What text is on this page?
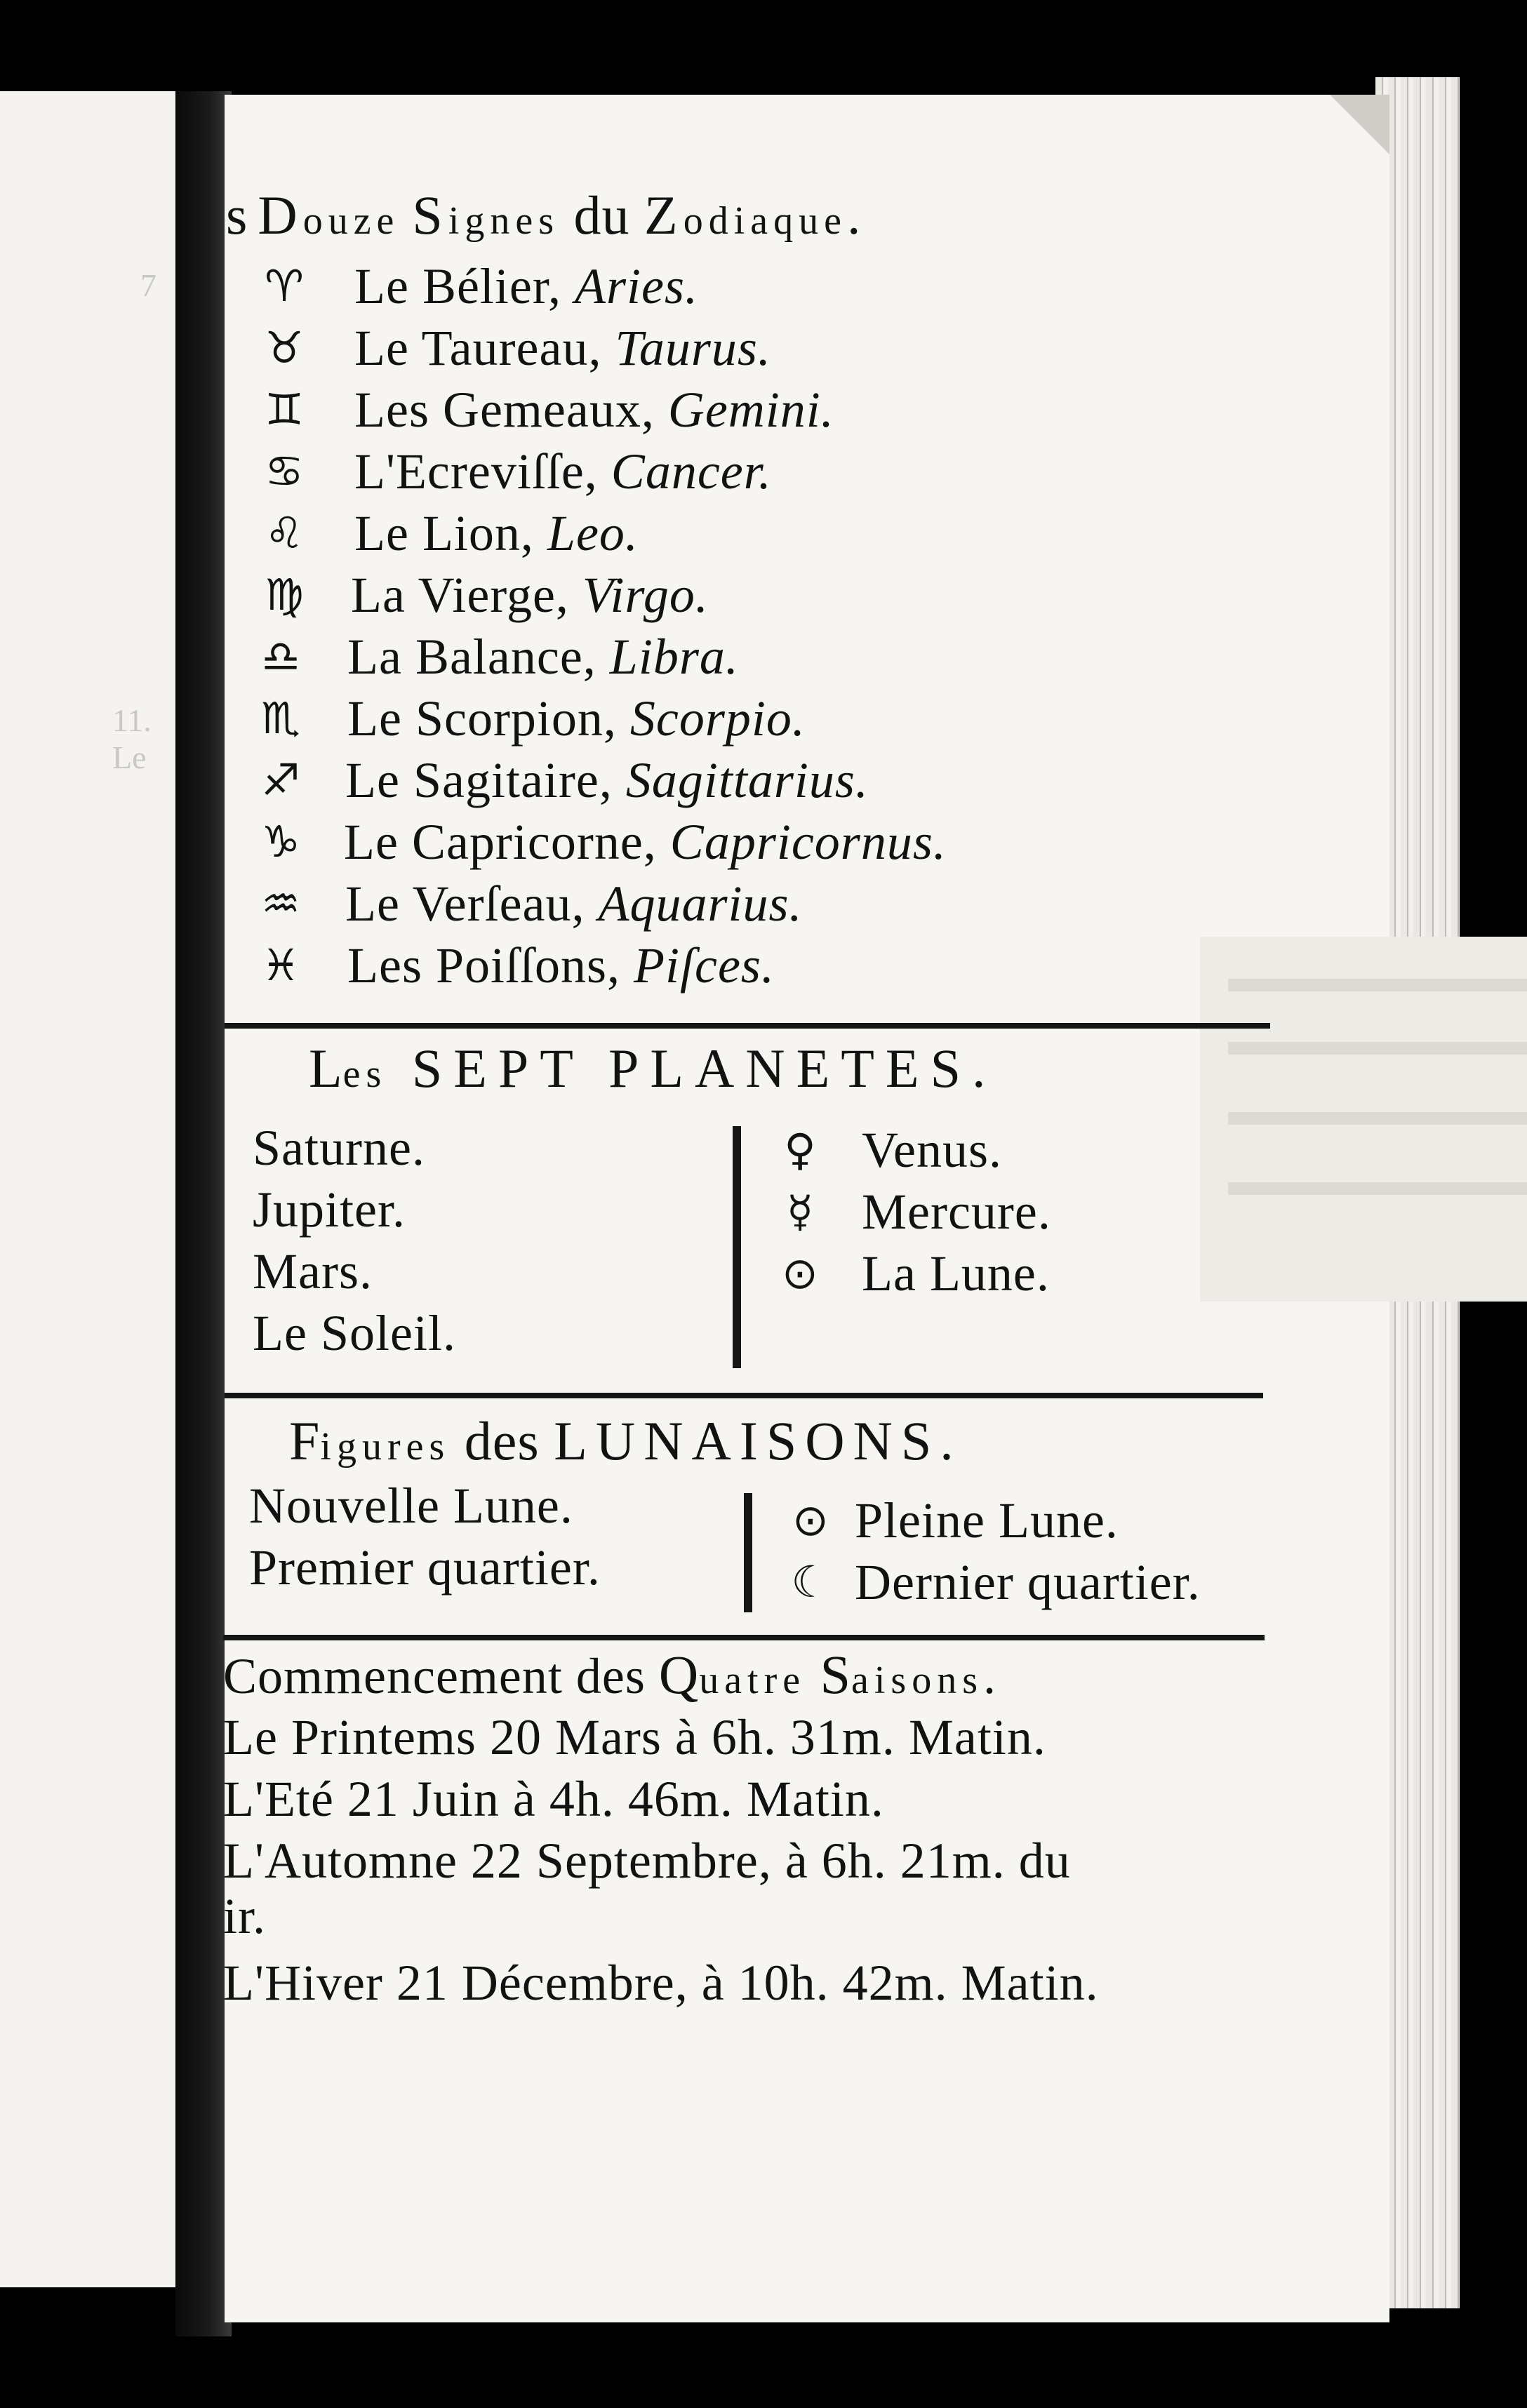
7
11. Le
s Douze Signes du Zodiaque.
♈ Le Bélier, Aries.
♉ Le Taureau, Taurus.
♊ Les Gemeaux, Gemini.
♋ L'Ecreviſſe, Cancer.
♌ Le Lion, Leo.
♍ La Vierge, Virgo.
♎ La Balance, Libra.
♏ Le Scorpion, Scorpio.
♐ Le Sagitaire, Sagittarius.
♑ Le Capricorne, Capricornus.
♒ Le Verſeau, Aquarius.
♓ Les Poiſſons, Piſces.
Les SEPT PLANETES.
Saturne.
Jupiter.
Mars.
Le Soleil.
♀ Venus.
☿ Mercure.
⊙ La Lune.
Figures des LUNAISONS.
Nouvelle Lune.
Premier quartier.
⊙ Pleine Lune.
☾ Dernier quartier.
Commencement des Quatre Saisons.
Le Printems 20 Mars à 6h. 31m. Matin.
L'Eté 21 Juin à 4h. 46m. Matin.
L'Automne 22 Septembre, à 6h. 21m. du
ir.
L'Hiver 21 Décembre, à 10h. 42m. Matin.
